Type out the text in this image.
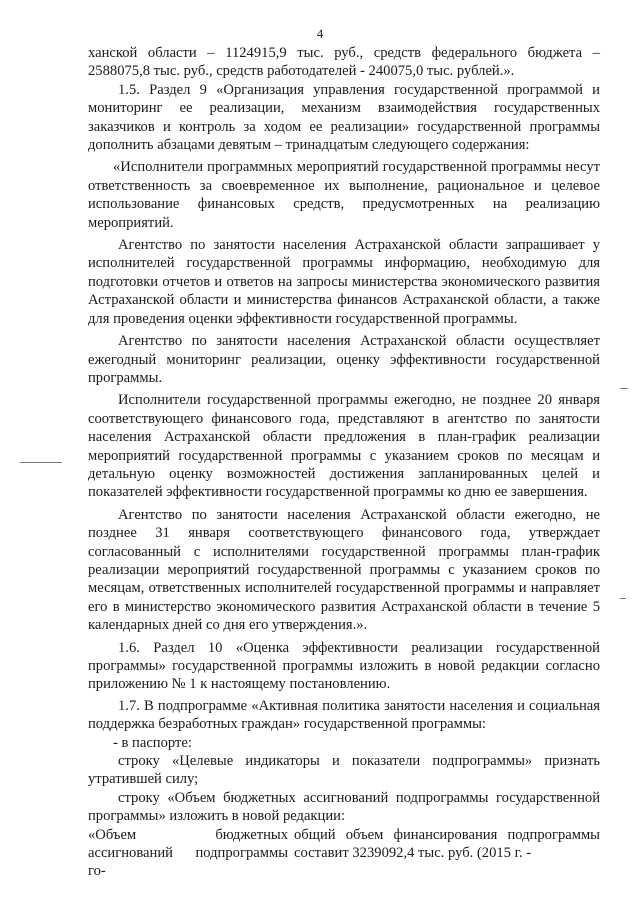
4

ханской области – 1124915,9 тыс. руб., средств федерального бюджета – 2588075,8 тыс. руб., средств работодателей - 240075,0 тыс. рублей.».

1.5. Раздел 9 «Организация управления государственной программой и мониторинг ее реализации, механизм взаимодействия государственных заказчиков и контроль за ходом ее реализации» государственной программы дополнить абзацами девятым – тринадцатым следующего содержания:

«Исполнители программных мероприятий государственной программы несут ответственность за своевременное их выполнение, рациональное и целевое использование финансовых средств, предусмотренных на реализацию мероприятий.

Агентство по занятости населения Астраханской области запрашивает у исполнителей государственной программы информацию, необходимую для подготовки отчетов и ответов на запросы министерства экономического развития Астраханской области и министерства финансов Астраханской области, а также для проведения оценки эффективности государственной программы.

Агентство по занятости населения Астраханской области осуществляет ежегодный мониторинг реализации, оценку эффективности государственной программы.

Исполнители государственной программы ежегодно, не позднее 20 января соответствующего финансового года, представляют в агентство по занятости населения Астраханской области предложения в план-график реализации мероприятий государственной программы с указанием сроков по месяцам и детальную оценку возможностей достижения запланированных целей и показателей эффективности государственной программы ко дню ее завершения.

Агентство по занятости населения Астраханской области ежегодно, не позднее 31 января соответствующего финансового года, утверждает согласованный с исполнителями государственной программы план-график реализации мероприятий государственной программы с указанием сроков по месяцам, ответственных исполнителей государственной программы и направляет его в министерство экономического развития Астраханской области в течение 5 календарных дней со дня его утверждения.».

1.6. Раздел 10 «Оценка эффективности реализации государственной программы» государственной программы изложить в новой редакции согласно приложению № 1 к настоящему постановлению.

1.7. В подпрограмме «Активная политика занятости населения и социальная поддержка безработных граждан» государственной программы:

- в паспорте:

строку «Целевые индикаторы и показатели подпрограммы» признать утратившей силу;

строку «Объем бюджетных ассигнований подпрограммы государственной программы» изложить в новой редакции:

«Объем бюджетных ассигнований подпрограммы го-	общий объем финансирования подпрограммы составит 3239092,4 тыс. руб. (2015 г. -
